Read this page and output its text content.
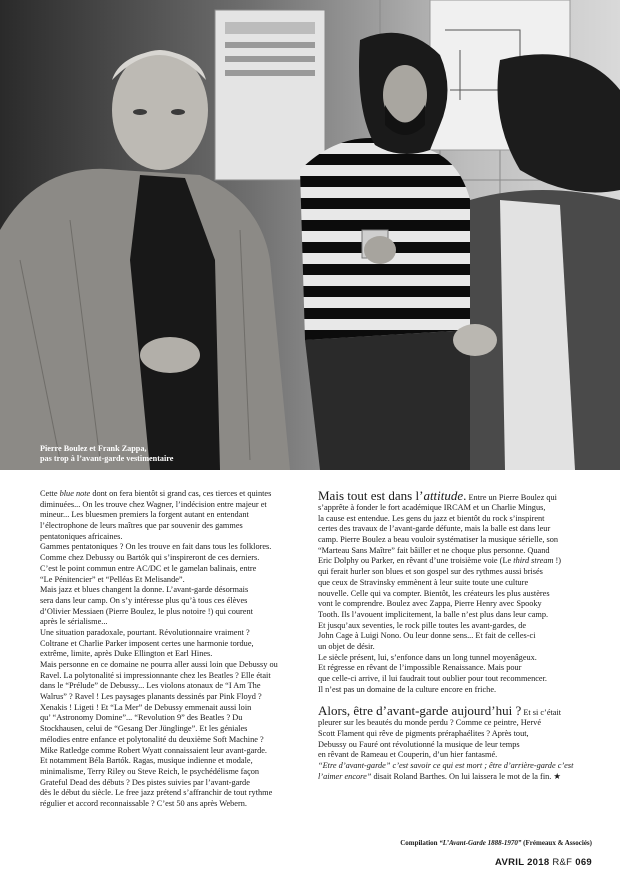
Pierre Boulez et Frank Zappa,
pas trop à l’avant-garde vestimentaire
Cette blue note dont on fera bientôt si grand cas, ces tierces et quintes
diminuées... On les trouve chez Wagner, l’indécision entre majeur et
mineur... Les bluesmen premiers la forgent autant en entendant
l’électrophone de leurs maîtres que par souvenir des gammes
pentatoniques africaines.
Gammes pentatoniques ? On les trouve en fait dans tous les folklores.
Comme chez Debussy ou Bartók qui s’inspireront de ces derniers.
C’est le point commun entre AC/DC et le gamelan balinais, entre
“Le Pénitencier” et “Pelléas Et Melisande”.
Mais jazz et blues changent la donne. L’avant-garde désormais
sera dans leur camp. On s’y intéresse plus qu’à tous ces élèves
d’Olivier Messiaen (Pierre Boulez, le plus notoire !) qui courent
après le sérialisme...
Une situation paradoxale, pourtant. Révolutionnaire vraiment ?
Coltrane et Charlie Parker imposent certes une harmonie tordue,
extrême, limite, après Duke Ellington et Earl Hines.
Mais personne en ce domaine ne pourra aller aussi loin que Debussy ou
Ravel. La polytonalité si impressionnante chez les Beatles ? Elle était
dans le “Prélude” de Debussy... Les violons atonaux de “I Am The
Walrus” ? Ravel ! Les paysages planants dessinés par Pink Floyd ?
Xenakis ! Ligeti ! Et “La Mer” de Debussy emmenait aussi loin
qu’ “Astronomy Domine”... “Revolution 9” des Beatles ? Du
Stockhausen, celui de “Gesang Der Jünglinge”. Et les géniales
mélodies entre enfance et polytonalité du deuxième Soft Machine ?
Mike Ratledge comme Robert Wyatt connaissaient leur avant-garde.
Et notamment Béla Bartók. Ragas, musique indienne et modale,
minimalisme, Terry Riley ou Steve Reich, le psychédélisme façon
Grateful Dead des débuts ? Des pistes suivies par l’avant-garde
dès le début du siècle. Le free jazz prétend s’affranchir de tout rythme
régulier et accord reconnaissable ? C’est 50 ans après Webern.
Mais tout est dans l’attitude. Entre un Pierre Boulez qui
s’apprête à fonder le fort académique IRCAM et un Charlie Mingus,
la cause est entendue. Les gens du jazz et bientôt du rock s’inspirent
certes des travaux de l’avant-garde défunte, mais la balle est dans leur
camp. Pierre Boulez a beau vouloir systématiser la musique sérielle, son
“Marteau Sans Maître” fait bâiller et ne choque plus personne. Quand
Eric Dolphy ou Parker, en rêvant d’une troisième voie (Le third stream !)
qui ferait hurler son blues et son gospel sur des rythmes aussi brisés
que ceux de Stravinsky emmènent à leur suite toute une culture
nouvelle. Celle qui va compter. Bientôt, les créateurs les plus austères
vont le comprendre. Boulez avec Zappa, Pierre Henry avec Spooky
Tooth. Ils l’avouent implicitement, la balle n’est plus dans leur camp.
Et jusqu’aux seventies, le rock pille toutes les avant-gardes, de
John Cage à Luigi Nono. Ou leur donne sens... Et fait de celles-ci
un objet de désir.
Le siècle présent, lui, s’enfonce dans un long tunnel moyenâgeux.
Et régresse en rêvant de l’impossible Renaissance. Mais pour
que celle-ci arrive, il lui faudrait tout oublier pour tout recommencer.
Il n’est pas un domaine de la culture encore en friche.
Alors, être d’avant-garde aujourd’hui ? Et si c’était
pleurer sur les beautés du monde perdu ? Comme ce peintre, Hervé
Scott Flament qui rêve de pigments préraphaélites ? Après tout,
Debussy ou Fauré ont révolutionné la musique de leur temps
en rêvant de Rameau et Couperin, d’un hier fantasmé.
“Etre d’avant-garde” c’est savoir ce qui est mort ; être d’arrière-garde c’est
l’aimer encore” disait Roland Barthes. On lui laissera le mot de la fin. ★
Compilation “L’Avant-Garde 1888-1970” (Frémeaux & Associés)
AVRIL 2018 R&F 069
